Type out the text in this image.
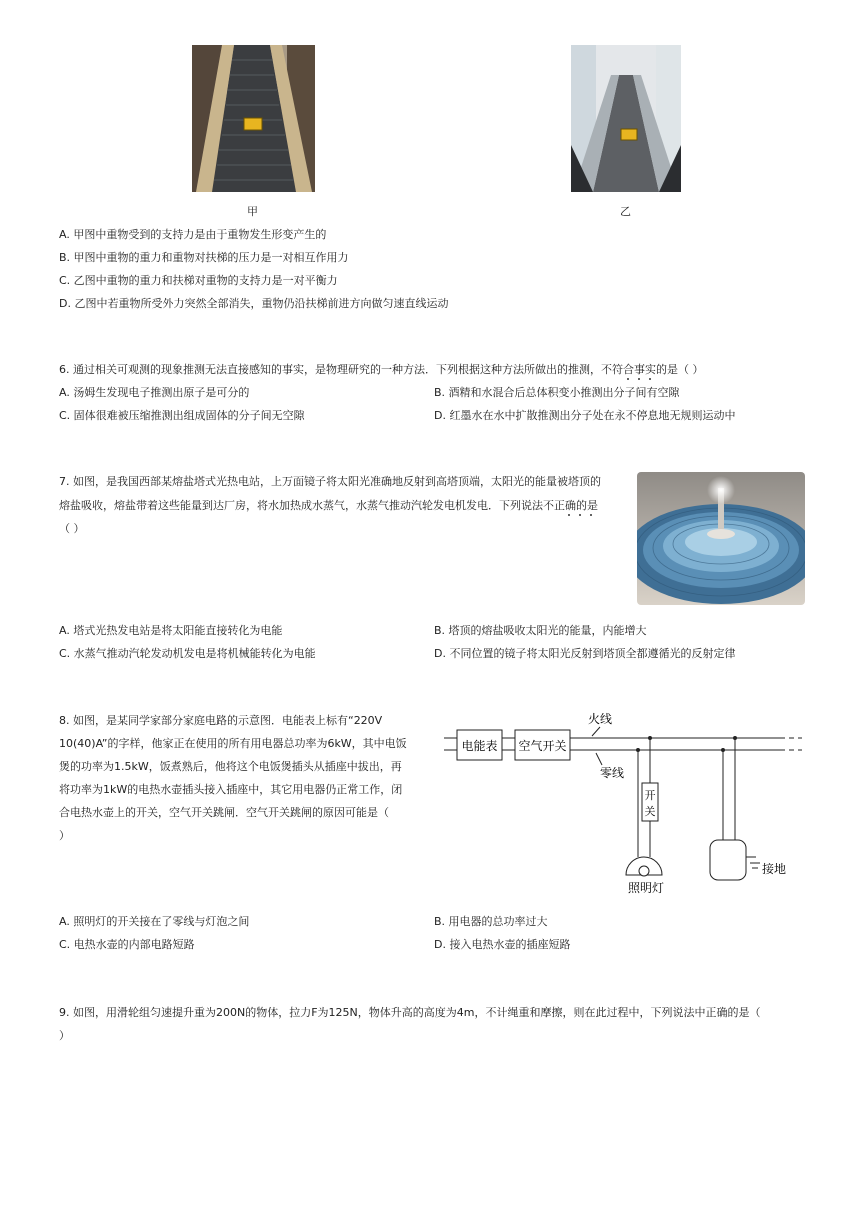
甲	乙
A. 甲图中重物受到的支持力是由于重物发生形变产生的
B. 甲图中重物的重力和重物对扶梯的压力是一对相互作用力
C. 乙图中重物的重力和扶梯对重物的支持力是一对平衡力
D. 乙图中若重物所受外力突然全部消失，重物仍沿扶梯前进方向做匀速直线运动
6. 通过相关可观测的现象推测无法直接感知的事实，是物理研究的一种方法．下列根据这种方法所做出的推测，不符合事实的是（ ）
A. 汤姆生发现电子推测出原子是可分的	B. 酒精和水混合后总体积变小推测出分子间有空隙
C. 固体很难被压缩推测出组成固体的分子间无空隙	D. 红墨水在水中扩散推测出分子处在永不停息地无规则运动中
7. 如图，是我国西部某熔盐塔式光热电站，上万面镜子将太阳光准确地反射到高塔顶端，太阳光的能量被塔顶的
熔盐吸收，熔盐带着这些能量到达厂房，将水加热成水蒸气，水蒸气推动汽轮发电机发电．下列说法不正确的是
（ ）
A. 塔式光热发电站是将太阳能直接转化为电能	B. 塔顶的熔盐吸收太阳光的能量，内能增大
C. 水蒸气推动汽轮发动机发电是将机械能转化为电能	D. 不同位置的镜子将太阳光反射到塔顶全都遵循光的反射定律
8. 如图，是某同学家部分家庭电路的示意图．电能表上标有“220V
10(40)A”的字样，他家正在使用的所有用电器总功率为6kW，其中电饭
煲的功率为1.5kW，饭煮熟后，他将这个电饭煲插头从插座中拔出，再
将功率为1kW的电热水壶插头接入插座中，其它用电器仍正常工作，闭
合电热水壶上的开关，空气开关跳闸．空气开关跳闸的原因可能是（
）
电能表 空气开关
火线
零线
开
关
照明灯
接地
A. 照明灯的开关接在了零线与灯泡之间	B. 用电器的总功率过大
C. 电热水壶的内部电路短路	D. 接入电热水壶的插座短路
9. 如图，用滑轮组匀速提升重为200N的物体，拉力F为125N，物体升高的高度为4m，不计绳重和摩擦，则在此过程中，下列说法中正确的是（
）
